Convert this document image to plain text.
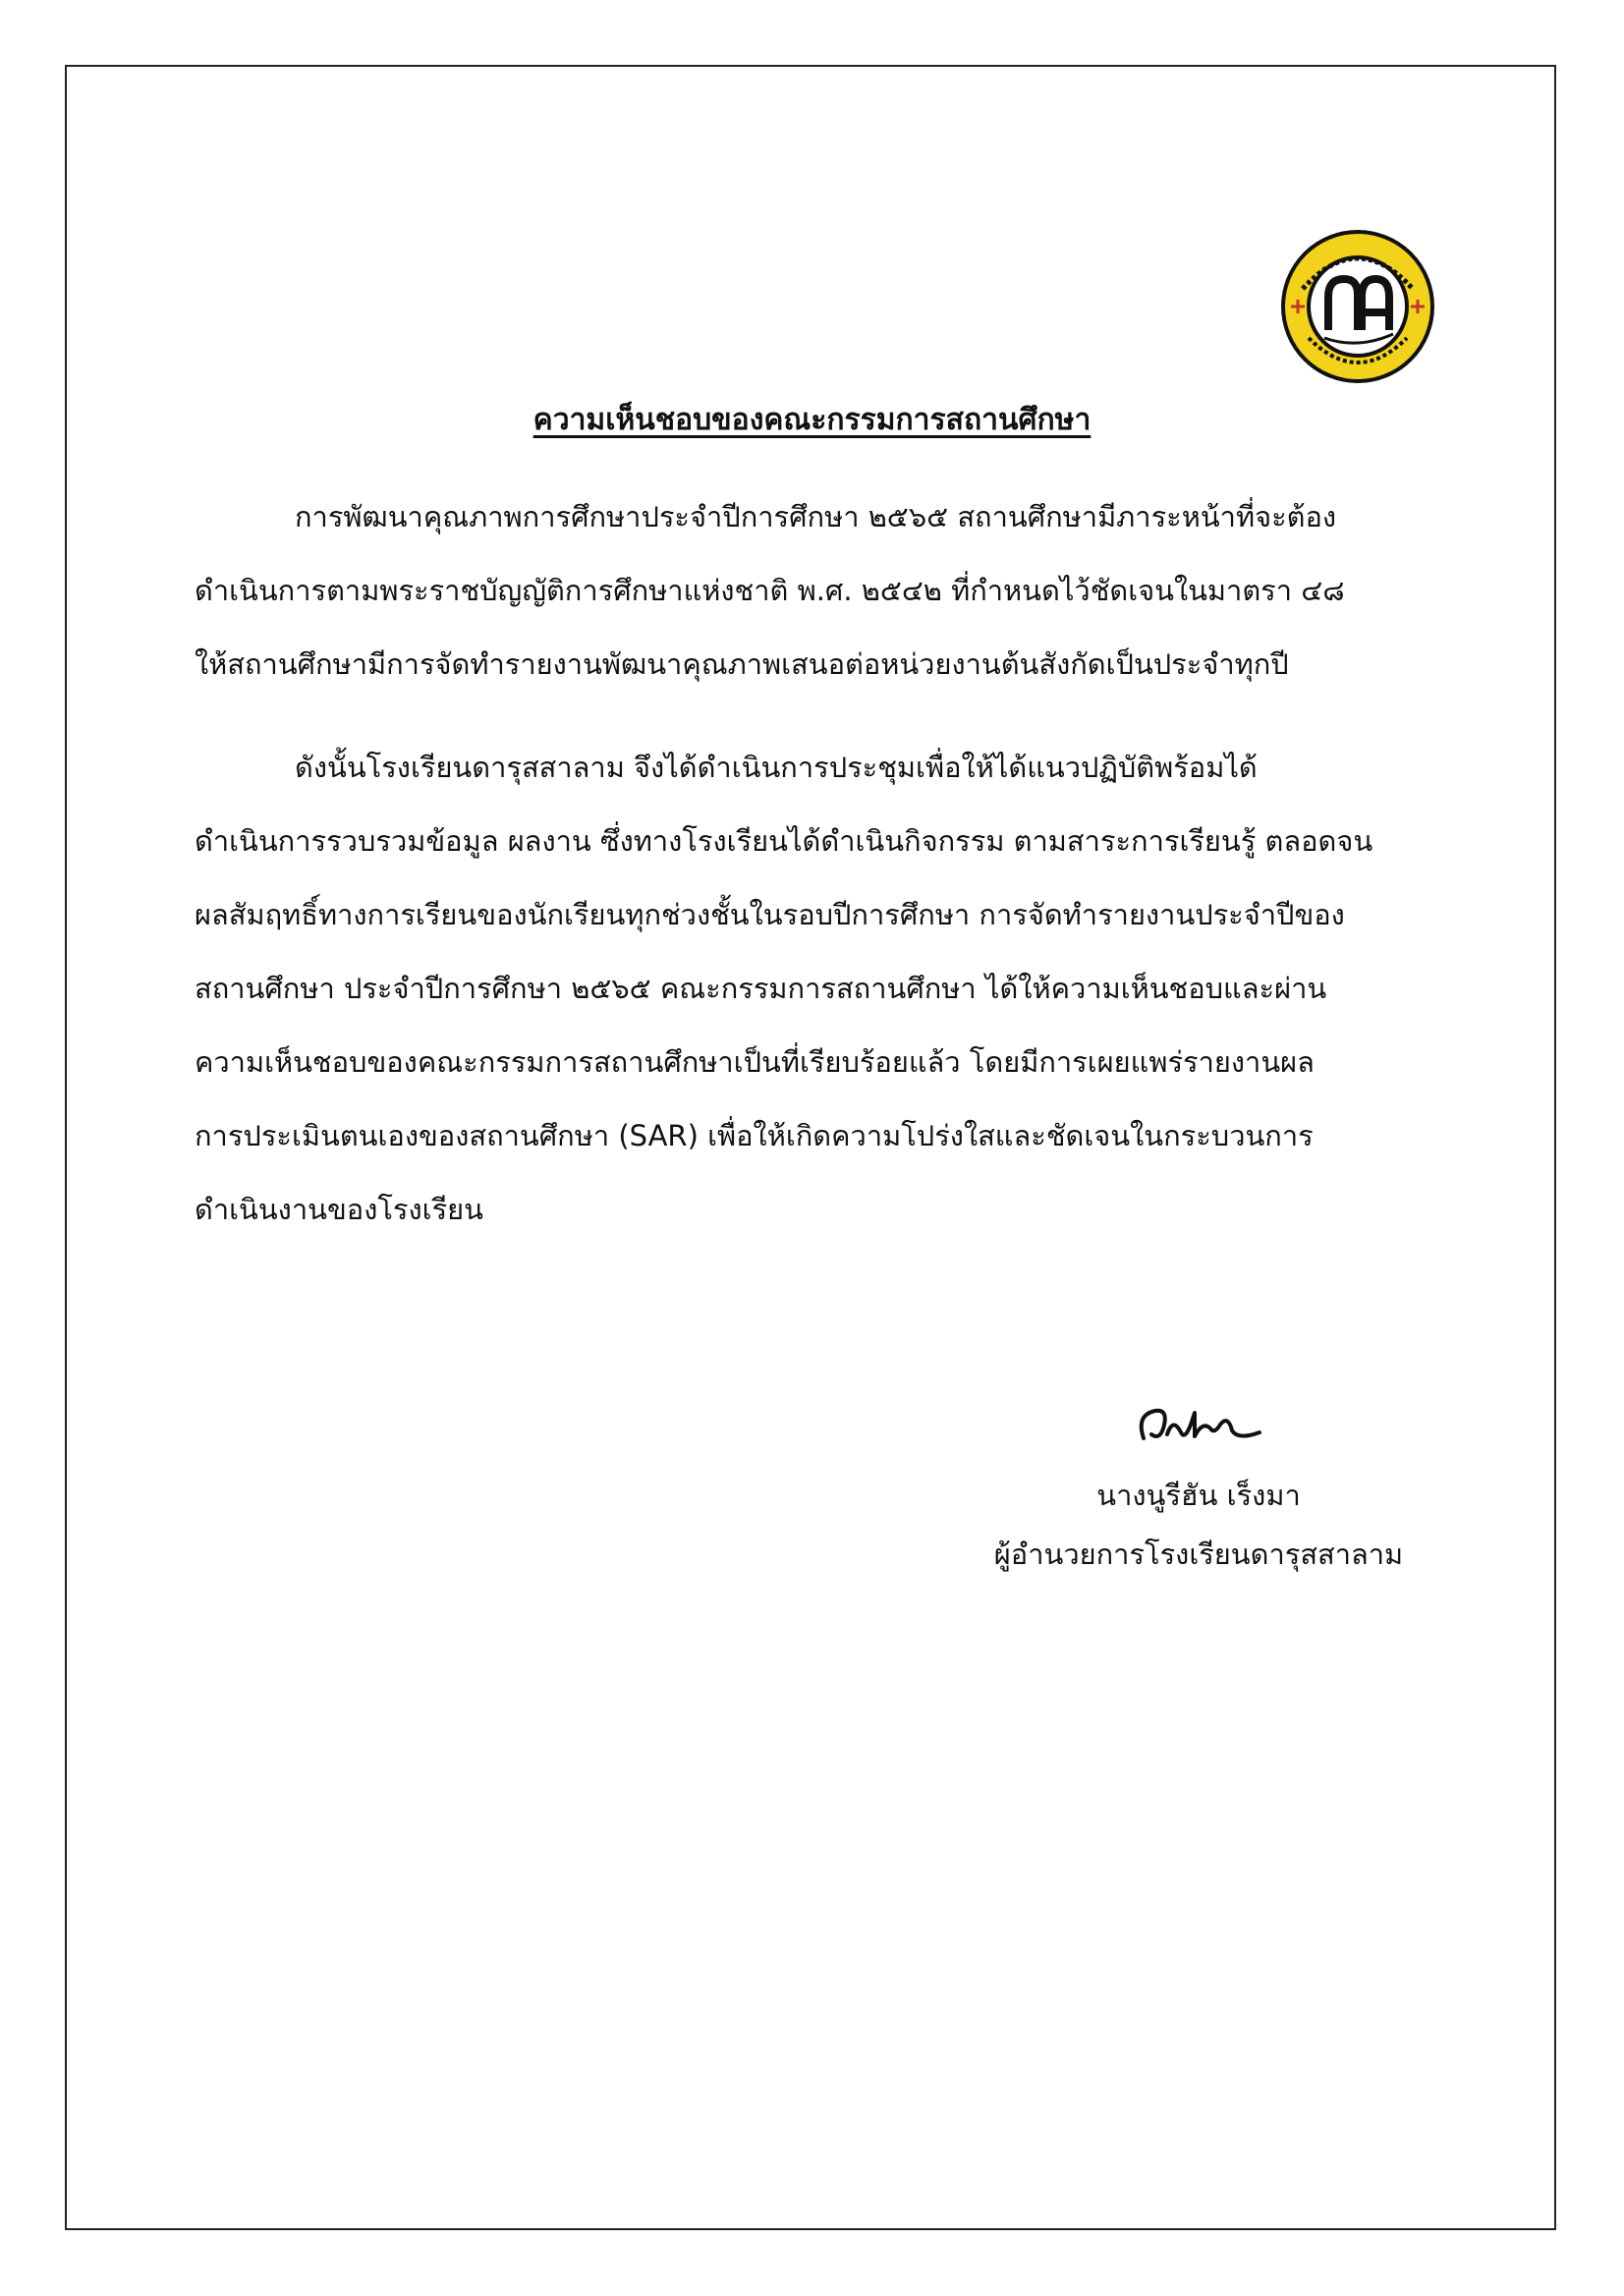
ความเห็นชอบของคณะกรรมการสถานศึกษา
การพัฒนาคุณภาพการศึกษาประจำปีการศึกษา ๒๕๖๕ สถานศึกษามีภาระหน้าที่จะต้อง
ดำเนินการตามพระราชบัญญัติการศึกษาแห่งชาติ พ.ศ. ๒๕๔๒ ที่กำหนดไว้ชัดเจนในมาตรา ๔๘
ให้สถานศึกษามีการจัดทำรายงานพัฒนาคุณภาพเสนอต่อหน่วยงานต้นสังกัดเป็นประจำทุกปี
ดังนั้นโรงเรียนดารุสสาลาม จึงได้ดำเนินการประชุมเพื่อให้ได้แนวปฏิบัติพร้อมได้
ดำเนินการรวบรวมข้อมูล ผลงาน ซึ่งทางโรงเรียนได้ดำเนินกิจกรรม ตามสาระการเรียนรู้ ตลอดจน
ผลสัมฤทธิ์ทางการเรียนของนักเรียนทุกช่วงชั้นในรอบปีการศึกษา การจัดทำรายงานประจำปีของ
สถานศึกษา ประจำปีการศึกษา ๒๕๖๕ คณะกรรมการสถานศึกษา ได้ให้ความเห็นชอบและผ่าน
ความเห็นชอบของคณะกรรมการสถานศึกษาเป็นที่เรียบร้อยแล้ว โดยมีการเผยแพร่รายงานผล
การประเมินตนเองของสถานศึกษา (SAR) เพื่อให้เกิดความโปร่งใสและชัดเจนในกระบวนการ
ดำเนินงานของโรงเรียน
นางนูรีฮัน เร็งมา
ผู้อำนวยการโรงเรียนดารุสสาลาม
